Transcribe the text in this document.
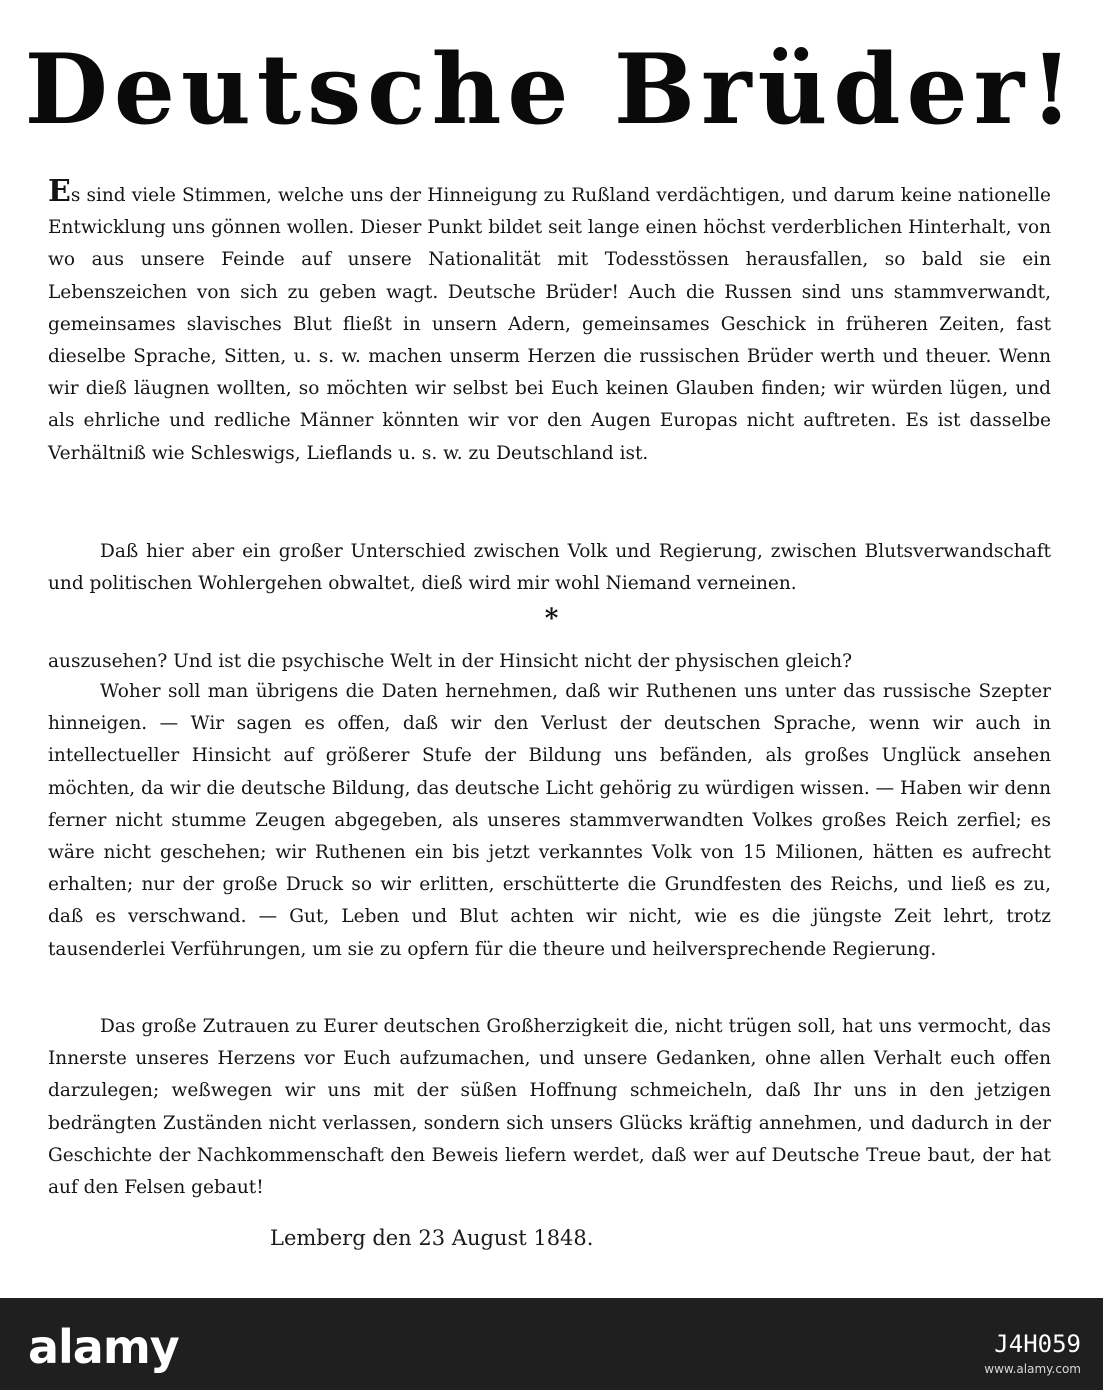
Deutsche Brüder!

Es sind viele Stimmen, welche uns der Hinneigung zu Rußland verdächtigen, und darum keine nationelle Entwicklung uns gönnen wollen. Dieser Punkt bildet seit lange einen höchst verderblichen Hinterhalt, von wo aus unsere Feinde auf unsere Nationalität mit Todesstössen herausfallen, so bald sie ein Lebenszeichen von sich zu geben wagt. Deutsche Brüder! Auch die Russen sind uns stammverwandt, gemeinsames slavisches Blut fließt in unsern Adern, gemeinsames Geschick in früheren Zeiten, fast dieselbe Sprache, Sitten, u. s. w. machen unserm Herzen die russischen Brüder werth und theuer. Wenn wir dieß läugnen wollten, so möchten wir selbst bei Euch keinen Glauben finden; wir würden lügen, und als ehrliche und redliche Männer könnten wir vor den Augen Europas nicht auftreten. Es ist dasselbe Verhältniß wie Schleswigs, Lieflands u. s. w. zu Deutschland ist.

Daß hier aber ein großer Unterschied zwischen Volk und Regierung, zwischen Blutsverwandschaft und politischen Wohlergehen obwaltet, dieß wird mir wohl Niemand verneinen.

*

auszusehen? Und ist die psychische Welt in der Hinsicht nicht der physischen gleich?

Woher soll man übrigens die Daten hernehmen, daß wir Ruthenen uns unter das russische Szepter hinneigen. — Wir sagen es offen, daß wir den Verlust der deutschen Sprache, wenn wir auch in intellectueller Hinsicht auf größerer Stufe der Bildung uns befänden, als großes Unglück ansehen möchten, da wir die deutsche Bildung, das deutsche Licht gehörig zu würdigen wissen. — Haben wir denn ferner nicht stumme Zeugen abgegeben, als unseres stammverwandten Volkes großes Reich zerfiel; es wäre nicht geschehen; wir Ruthenen ein bis jetzt verkanntes Volk von 15 Milionen, hätten es aufrecht erhalten; nur der große Druck so wir erlitten, erschütterte die Grundfesten des Reichs, und ließ es zu, daß es verschwand. — Gut, Leben und Blut achten wir nicht, wie es die jüngste Zeit lehrt, trotz tausenderlei Verführungen, um sie zu opfern für die theure und heilversprechende Regierung.

Das große Zutrauen zu Eurer deutschen Großherzigkeit die, nicht trügen soll, hat uns vermocht, das Innerste unseres Herzens vor Euch aufzumachen, und unsere Gedanken, ohne allen Verhalt euch offen darzulegen; weßwegen wir uns mit der süßen Hoffnung schmeicheln, daß Ihr uns in den jetzigen bedrängten Zuständen nicht verlassen, sondern sich unsers Glücks kräftig annehmen, und dadurch in der Geschichte der Nachkommenschaft den Beweis liefern werdet, daß wer auf Deutsche Treue baut, der hat auf den Felsen gebaut!

Lemberg den 23 August 1848.
alamy	J4H059
www.alamy.com
